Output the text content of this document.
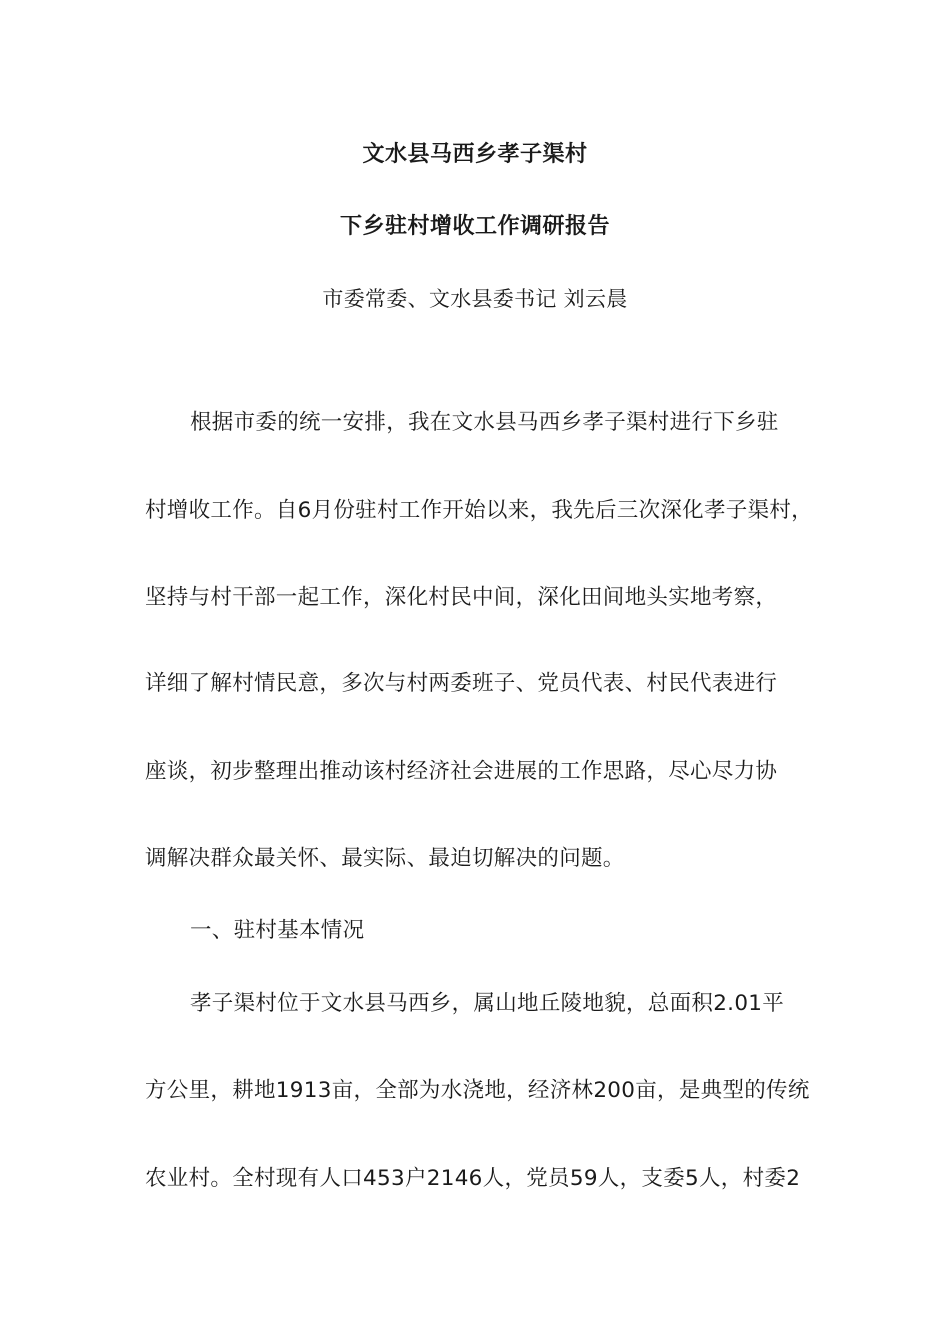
文水县马西乡孝子渠村
下乡驻村增收工作调研报告
市委常委、文水县委书记 刘云晨
根据市委的统一安排，我在文水县马西乡孝子渠村进行下乡驻
村增收工作。自6月份驻村工作开始以来，我先后三次深化孝子渠村，
坚持与村干部一起工作，深化村民中间，深化田间地头实地考察，
详细了解村情民意，多次与村两委班子、党员代表、村民代表进行
座谈，初步整理出推动该村经济社会进展的工作思路，尽心尽力协
调解决群众最关怀、最实际、最迫切解决的问题。
一、驻村基本情况
孝子渠村位于文水县马西乡，属山地丘陵地貌，总面积2.01平
方公里，耕地1913亩，全部为水浇地，经济林200亩，是典型的传统
农业村。全村现有人口453户2146人，党员59人，支委5人，村委2
